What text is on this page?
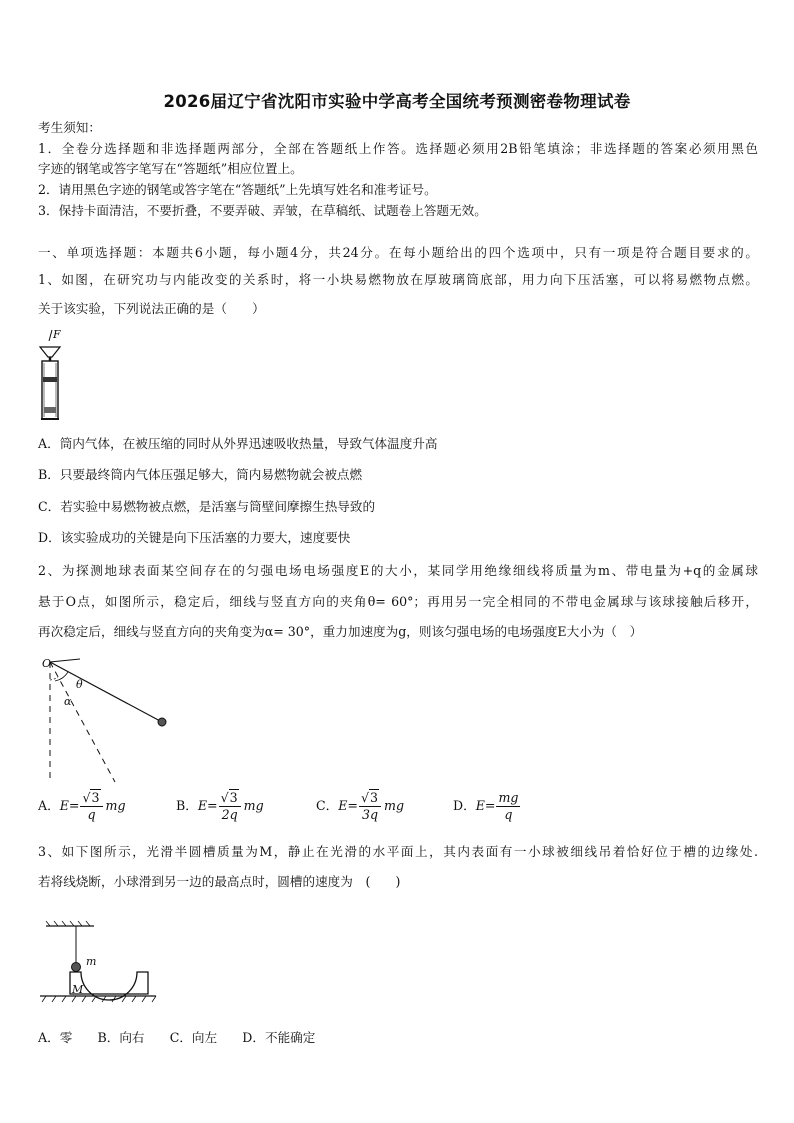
2026届辽宁省沈阳市实验中学高考全国统考预测密卷物理试卷
考生须知：
1．全卷分选择题和非选择题两部分，全部在答题纸上作答。选择题必须用2B铅笔填涂；非选择题的答案必须用黑色
字迹的钢笔或答字笔写在“答题纸”相应位置上。
2．请用黑色字迹的钢笔或答字笔在“答题纸”上先填写姓名和准考证号。
3．保持卡面清洁，不要折叠，不要弄破、弄皱，在草稿纸、试题卷上答题无效。
一、单项选择题：本题共6小题，每小题4分，共24分。在每小题给出的四个选项中，只有一项是符合题目要求的。
1、如图，在研究功与内能改变的关系时，将一小块易燃物放在厚玻璃筒底部，用力向下压活塞，可以将易燃物点燃。
关于该实验，下列说法正确的是（　　）
F
A．筒内气体，在被压缩的同时从外界迅速吸收热量，导致气体温度升高
B．只要最终筒内气体压强足够大，筒内易燃物就会被点燃
C．若实验中易燃物被点燃，是活塞与筒壁间摩擦生热导致的
D．该实验成功的关键是向下压活塞的力要大，速度要快
2、为探测地球表面某空间存在的匀强电场电场强度E的大小，某同学用绝缘细线将质量为m、带电量为+q的金属球
悬于O点，如图所示，稳定后，细线与竖直方向的夹角θ= 60°；再用另一完全相同的不带电金属球与该球接触后移开，
再次稳定后，细线与竖直方向的夹角变为α= 30°，重力加速度为g，则该匀强电场的电场强度E大小为（　）
O
θ
α
A．$E= \frac{√3}{q}$ mg	B．$E= \frac{√3}{2q}$ mg	C．$E= \frac{√3}{3q}$ mg	D．$E= \frac{mg}{q}$
3、如下图所示，光滑半圆槽质量为M，静止在光滑的水平面上，其内表面有一小球被细线吊着恰好位于槽的边缘处.
若将线烧断，小球滑到另一边的最高点时，圆槽的速度为　(　　)
m
M
A．零　　B．向右　　C．向左　　D．不能确定
